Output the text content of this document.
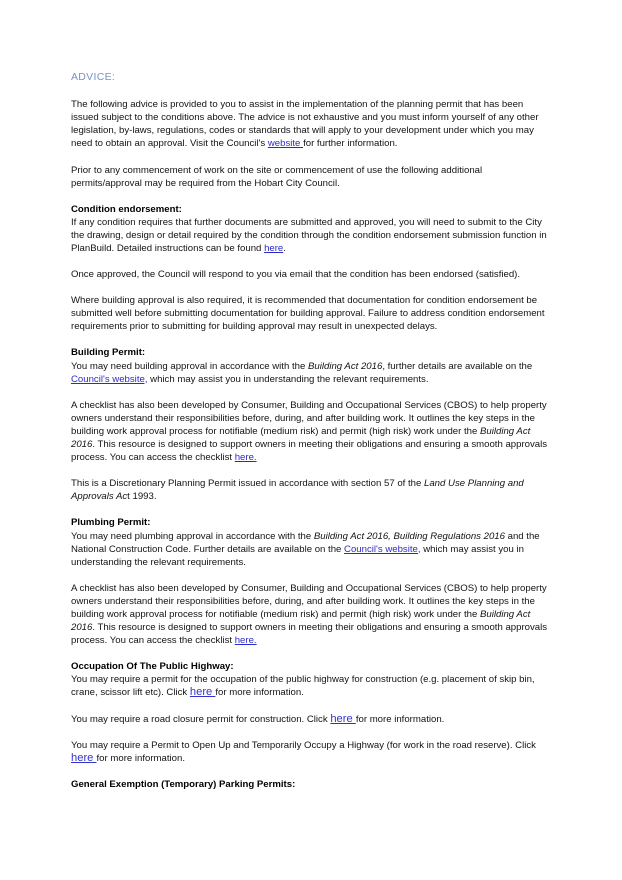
ADVICE:

The following advice is provided to you to assist in the implementation of the planning permit that has been issued subject to the conditions above. The advice is not exhaustive and you must inform yourself of any other legislation, by-laws, regulations, codes or standards that will apply to your development under which you may need to obtain an approval. Visit the Council's website for further information.

Prior to any commencement of work on the site or commencement of use the following additional permits/approval may be required from the Hobart City Council.

Condition endorsement:

If any condition requires that further documents are submitted and approved, you will need to submit to the City the drawing, design or detail required by the condition through the condition endorsement submission function in PlanBuild. Detailed instructions can be found here.

Once approved, the Council will respond to you via email that the condition has been endorsed (satisfied).

Where building approval is also required, it is recommended that documentation for condition endorsement be submitted well before submitting documentation for building approval. Failure to address condition endorsement requirements prior to submitting for building approval may result in unexpected delays.

Building Permit:

You may need building approval in accordance with the Building Act 2016, further details are available on the Council's website, which may assist you in understanding the relevant requirements.

A checklist has also been developed by Consumer, Building and Occupational Services (CBOS) to help property owners understand their responsibilities before, during, and after building work. It outlines the key steps in the building work approval process for notifiable (medium risk) and permit (high risk) work under the Building Act 2016. This resource is designed to support owners in meeting their obligations and ensuring a smooth approvals process. You can access the checklist here.

This is a Discretionary Planning Permit issued in accordance with section 57 of the Land Use Planning and Approvals Act 1993.

Plumbing Permit:

You may need plumbing approval in accordance with the Building Act 2016, Building Regulations 2016 and the National Construction Code. Further details are available on the Council's website, which may assist you in understanding the relevant requirements.

A checklist has also been developed by Consumer, Building and Occupational Services (CBOS) to help property owners understand their responsibilities before, during, and after building work. It outlines the key steps in the building work approval process for notifiable (medium risk) and permit (high risk) work under the Building Act 2016. This resource is designed to support owners in meeting their obligations and ensuring a smooth approvals process. You can access the checklist here.

Occupation Of The Public Highway:

You may require a permit for the occupation of the public highway for construction (e.g. placement of skip bin, crane, scissor lift etc). Click here for more information.

You may require a road closure permit for construction. Click here for more information.

You may require a Permit to Open Up and Temporarily Occupy a Highway (for work in the road reserve). Click here for more information.

General Exemption (Temporary) Parking Permits:
